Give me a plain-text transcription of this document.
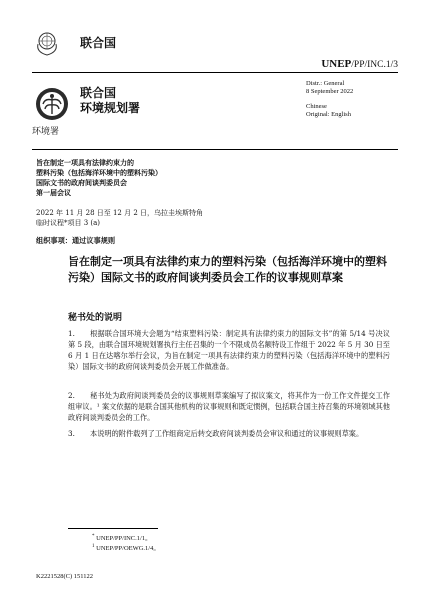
联合国
UNEP/PP/INC.1/3
联合国
环境规划署
环境署
Distr.: General
8 September 2022
Chinese
Original: English
旨在制定一项具有法律约束力的
塑料污染（包括海洋环境中的塑料污染）
国际文书的政府间谈判委员会
第一届会议
2022 年 11 月 28 日至 12 月 2 日，乌拉圭埃斯特角
临时议程*项目 3 (a)
组织事项：通过议事规则
旨在制定一项具有法律约束力的塑料污染（包括海洋环境中的塑料污染）国际文书的政府间谈判委员会工作的议事规则草案
秘书处的说明
1. 根据联合国环境大会题为“结束塑料污染：制定具有法律约束力的国际文书”的第 5/14 号决议第 5 段，由联合国环境规划署执行主任召集的一个不限成员名额特设工作组于 2022 年 5 月 30 日至 6 月 1 日在达喀尔举行会议，为旨在制定一项具有法律约束力的塑料污染（包括海洋环境中的塑料污染）国际文书的政府间谈判委员会开展工作做准备。
2. 秘书处为政府间谈判委员会的议事规则草案编写了拟议案文，将其作为一份工作文件提交工作组审议。¹ 案文依据的是联合国其他机构的议事规则和既定惯例，包括联合国主持召集的环境领域其他政府间谈判委员会的工作。
3. 本说明的附件载列了工作组商定后转交政府间谈判委员会审议和通过的议事规则草案。
* UNEP/PP/INC.1/1。
$^1$ UNEP/PP/OEWG.1/4。
K2221528(C) 151122
